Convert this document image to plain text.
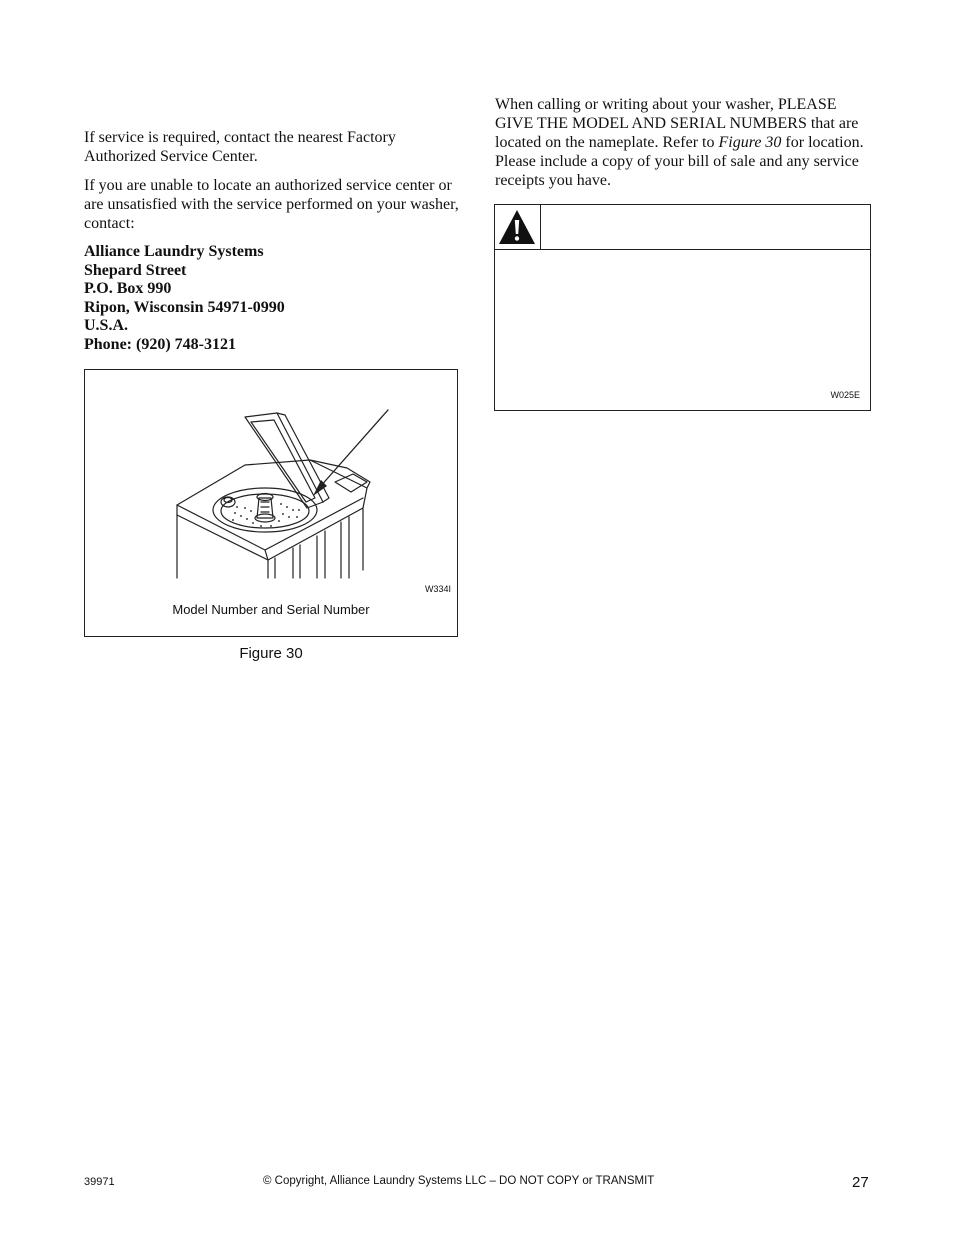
If service is required, contact the nearest Factory Authorized Service Center.

If you are unable to locate an authorized service center or are unsatisfied with the service performed on your washer, contact:

Alliance Laundry Systems
Shepard Street
P.O. Box 990
Ripon, Wisconsin 54971-0990
U.S.A.
Phone: (920) 748-3121
W334I
Model Number and Serial Number
Figure 30

When calling or writing about your washer, PLEASE GIVE THE MODEL AND SERIAL NUMBERS that are located on the nameplate. Refer to Figure 30 for location. Please include a copy of your bill of sale and any service receipts you have.

W025E
39971	© Copyright, Alliance Laundry Systems LLC – DO NOT COPY or TRANSMIT	27
